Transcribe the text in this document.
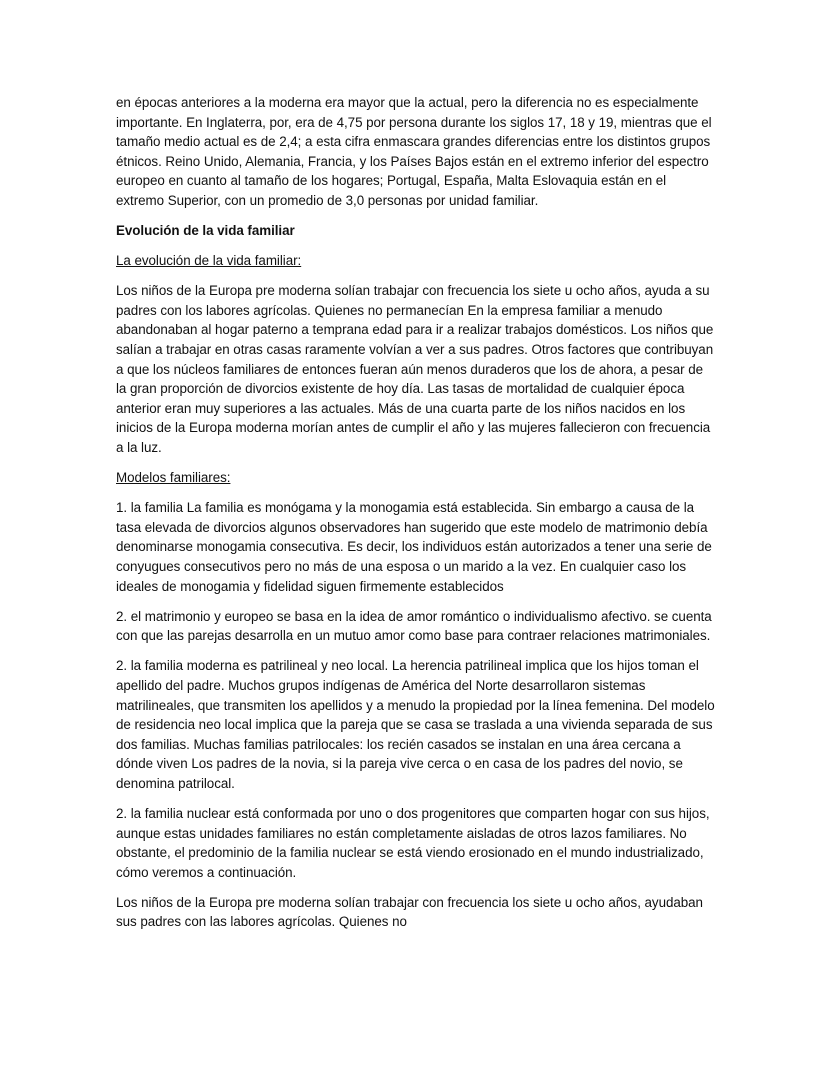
en épocas anteriores a la moderna era mayor que la actual, pero la diferencia no es especialmente importante. En Inglaterra, por, era de 4,75 por persona durante los siglos 17, 18 y 19, mientras que el tamaño medio actual es de 2,4; a esta cifra enmascara grandes diferencias entre los distintos grupos étnicos. Reino Unido, Alemania, Francia, y los Países Bajos están en el extremo inferior del espectro europeo en cuanto al tamaño de los hogares; Portugal, España, Malta Eslovaquia están en el extremo Superior, con un promedio de 3,0 personas por unidad familiar.

Evolución de la vida familiar

La evolución de la vida familiar:

Los niños de la Europa pre moderna solían trabajar con frecuencia los siete u ocho años, ayuda a su padres con los labores agrícolas. Quienes no permanecían En la empresa familiar a menudo abandonaban al hogar paterno a temprana edad para ir a realizar trabajos domésticos. Los niños que salían a trabajar en otras casas raramente volvían a ver a sus padres. Otros factores que contribuyan a que los núcleos familiares de entonces fueran aún menos duraderos que los de ahora, a pesar de la gran proporción de divorcios existente de hoy día. Las tasas de mortalidad de cualquier época anterior eran muy superiores a las actuales. Más de una cuarta parte de los niños nacidos en los inicios de la Europa moderna morían antes de cumplir el año y las mujeres fallecieron con frecuencia a la luz.

Modelos familiares:

1. la familia La familia es monógama y la monogamia está establecida. Sin embargo a causa de la tasa elevada de divorcios algunos observadores han sugerido que este modelo de matrimonio debía denominarse monogamia consecutiva. Es decir, los individuos están autorizados a tener una serie de conyugues consecutivos pero no más de una esposa o un marido a la vez. En cualquier caso los ideales de monogamia y fidelidad siguen firmemente establecidos

2. el matrimonio y europeo se basa en la idea de amor romántico o individualismo afectivo. se cuenta con que las parejas desarrolla en un mutuo amor como base para contraer relaciones matrimoniales.

2. la familia moderna es patrilineal y neo local. La herencia patrilineal implica que los hijos toman el apellido del padre. Muchos grupos indígenas de América del Norte desarrollaron sistemas matrilineales, que transmiten los apellidos y a menudo la propiedad por la línea femenina. Del modelo de residencia neo local implica que la pareja que se casa se traslada a una vivienda separada de sus dos familias. Muchas familias patrilocales: los recién casados se instalan en una área cercana a dónde viven Los padres de la novia, si la pareja vive cerca o en casa de los padres del novio, se denomina patrilocal.

2. la familia nuclear está conformada por uno o dos progenitores que comparten hogar con sus hijos, aunque estas unidades familiares no están completamente aisladas de otros lazos familiares. No obstante, el predominio de la familia nuclear se está viendo erosionado en el mundo industrializado, cómo veremos a continuación.

Los niños de la Europa pre moderna solían trabajar con frecuencia los siete u ocho años, ayudaban sus padres con las labores agrícolas. Quienes no
